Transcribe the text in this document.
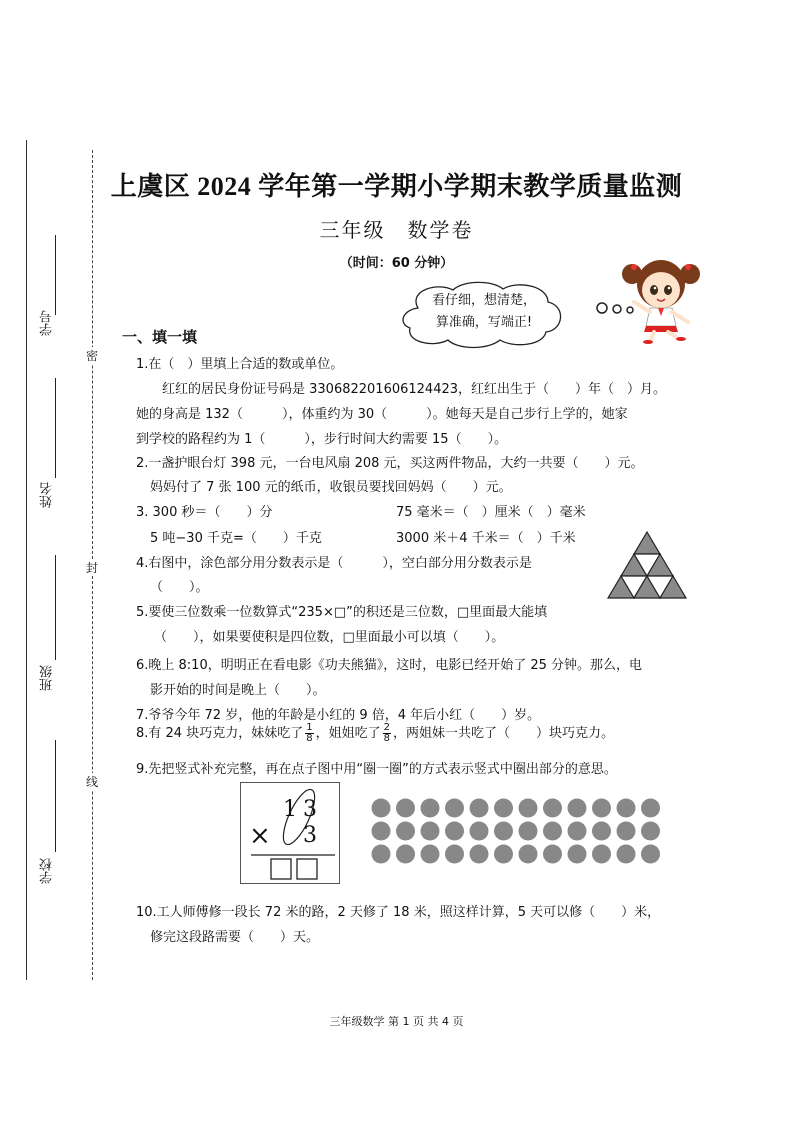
学号
姓名
班级
学校
密
封
线
上虞区 2024 学年第一学期小学期末教学质量监测
三年级　数学卷
（时间：60 分钟）
看仔细，想清楚，
算准确，写端正!
一、填一填
1.在（　）里填上合适的数或单位。
红红的居民身份证号码是 330682201606124423，红红出生于（　　）年（　）月。
她的身高是 132（　　　），体重约为 30（　　　）。她每天是自己步行上学的，她家
到学校的路程约为 1（　　　），步行时间大约需要 15（　　）。
2.一盏护眼台灯 398 元，一台电风扇 208 元，买这两件物品，大约一共要（　　）元。
妈妈付了 7 张 100 元的纸币，收银员要找回妈妈（　　）元。
3. 300 秒＝（　　）分	75 毫米＝（　）厘米（　）毫米
5 吨−30 千克=（　　）千克	3000 米＋4 千米＝（　）千米
4.右图中，涂色部分用分数表示是（　　　），空白部分用分数表示是
（　　）。
5.要使三位数乘一位数算式“235×□”的积还是三位数，□里面最大能填
（　　），如果要使积是四位数，□里面最小可以填（　　）。
6.晚上 8:10，明明正在看电影《功夫熊猫》，这时，电影已经开始了 25 分钟。那么，电
影开始的时间是晚上（　　）。
7.爷爷今年 72 岁，他的年龄是小红的 9 倍，4 年后小红（　　）岁。
8.有 24 块巧克力，妹妹吃了 $\frac{1}{8}$ ，姐姐吃了 $\frac{2}{8}$ ，两姐妹一共吃了（　　）块巧克力。
9.先把竖式补充完整，再在点子图中用“圈一圈”的方式表示竖式中圈出部分的意思。
1 3
× 3
10.工人师傅修一段长 72 米的路，2 天修了 18 米，照这样计算，5 天可以修（　　）米，
修完这段路需要（　　）天。
三年级数学 第 1 页 共 4 页
